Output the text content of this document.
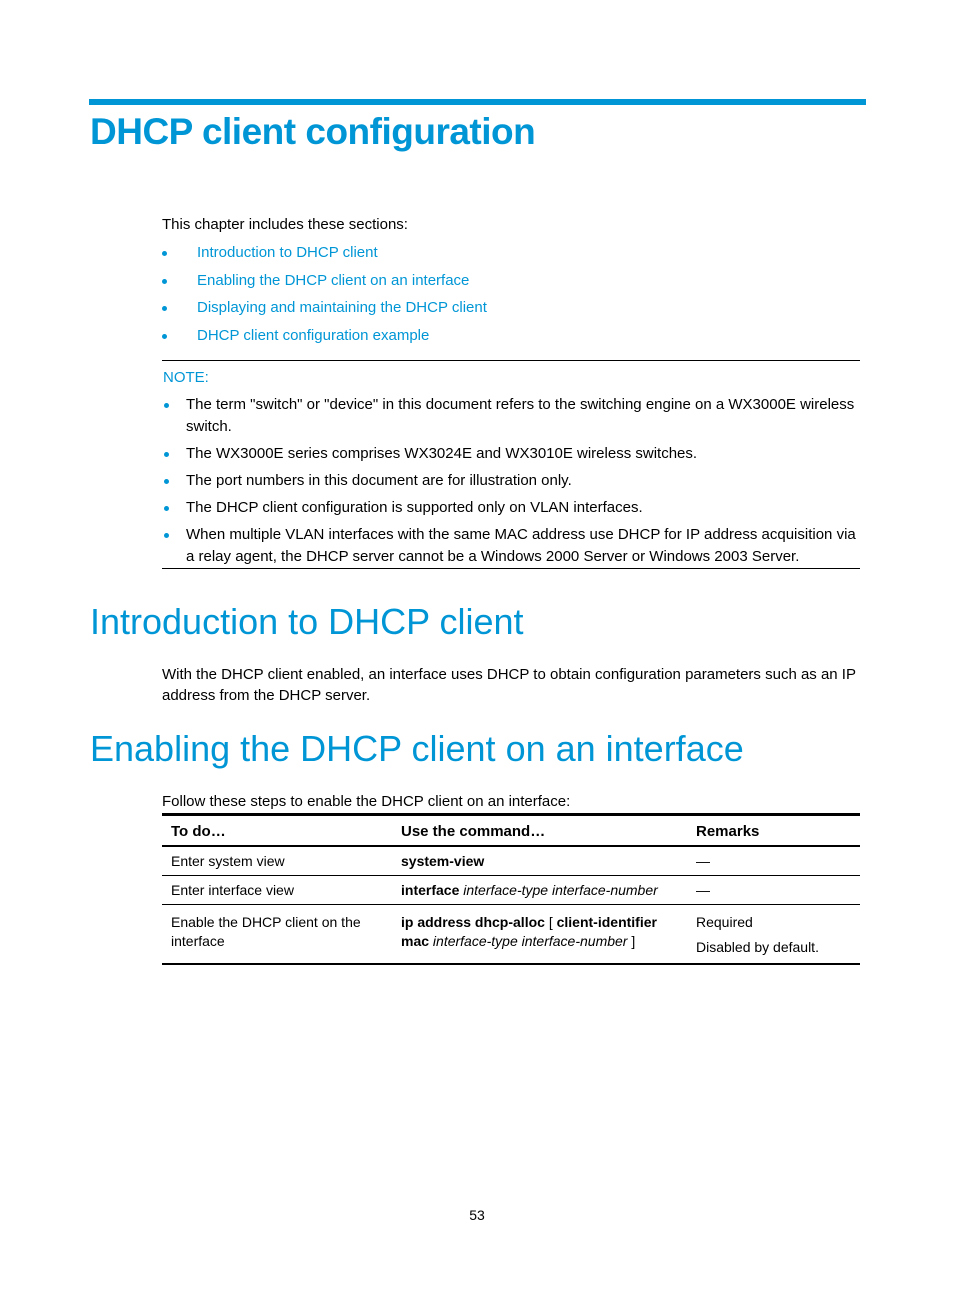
DHCP client configuration
This chapter includes these sections:
Introduction to DHCP client
Enabling the DHCP client on an interface
Displaying and maintaining the DHCP client
DHCP client configuration example
NOTE:
The term "switch" or "device" in this document refers to the switching engine on a WX3000E wireless switch.
The WX3000E series comprises WX3024E and WX3010E wireless switches.
The port numbers in this document are for illustration only.
The DHCP client configuration is supported only on VLAN interfaces.
When multiple VLAN interfaces with the same MAC address use DHCP for IP address acquisition via a relay agent, the DHCP server cannot be a Windows 2000 Server or Windows 2003 Server.
Introduction to DHCP client
With the DHCP client enabled, an interface uses DHCP to obtain configuration parameters such as an IP address from the DHCP server.
Enabling the DHCP client on an interface
Follow these steps to enable the DHCP client on an interface:
To do…	Use the command…	Remarks
Enter system view	system-view	—
Enter interface view	interface interface-type interface-number	—
Enable the DHCP client on the interface	ip address dhcp-alloc [ client-identifier mac interface-type interface-number ]	Required
Disabled by default.
53
